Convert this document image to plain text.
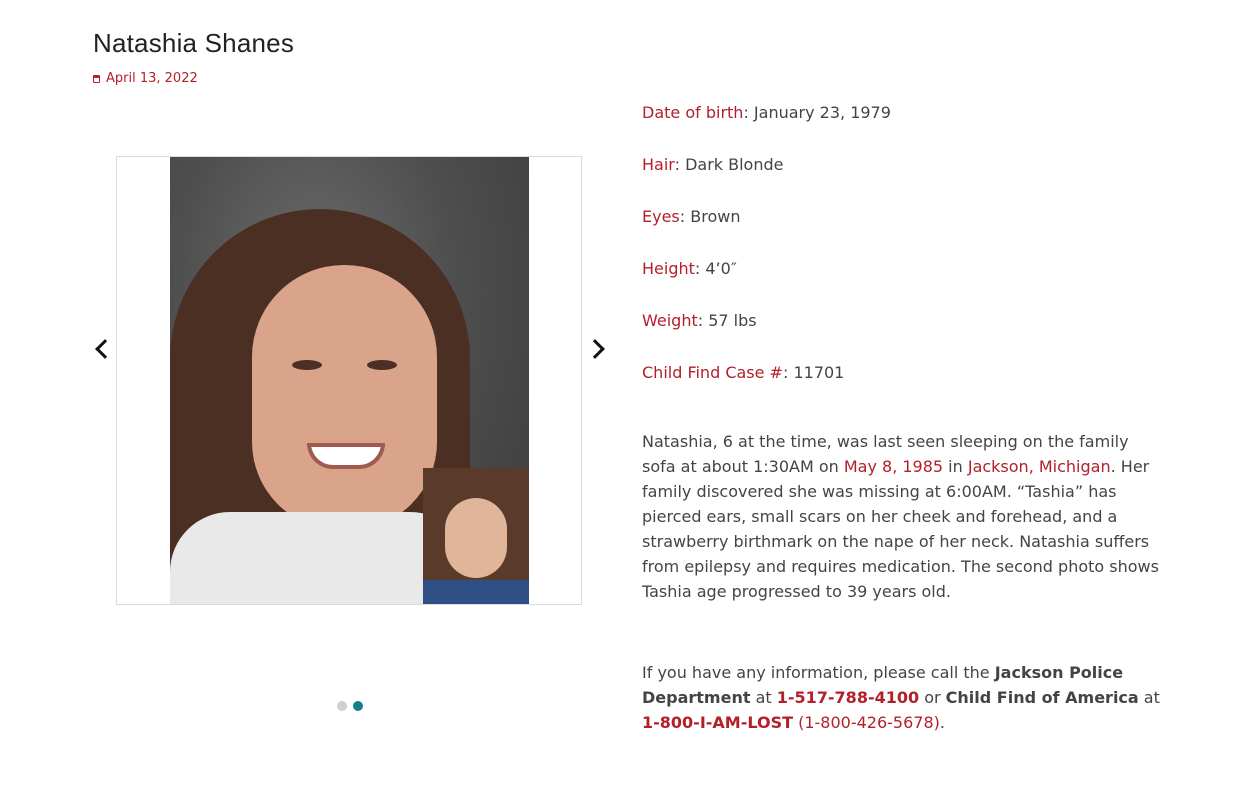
Natashia Shanes
April 13, 2022
Date of birth: January 23, 1979
Hair: Dark Blonde
Eyes: Brown
Height: 4’0″
Weight: 57 lbs
Child Find Case #: 11701

Natashia, 6 at the time, was last seen sleeping on the family sofa at about 1:30AM on May 8, 1985 in Jackson, Michigan. Her family discovered she was missing at 6:00AM. “Tashia” has pierced ears, small scars on her cheek and forehead, and a strawberry birthmark on the nape of her neck. Natashia suffers from epilepsy and requires medication. The second photo shows Tashia age progressed to 39 years old.

If you have any information, please call the Jackson Police Department at 1-517-788-4100 or Child Find of America at 1-800-I-AM-LOST (1-800-426-5678).
